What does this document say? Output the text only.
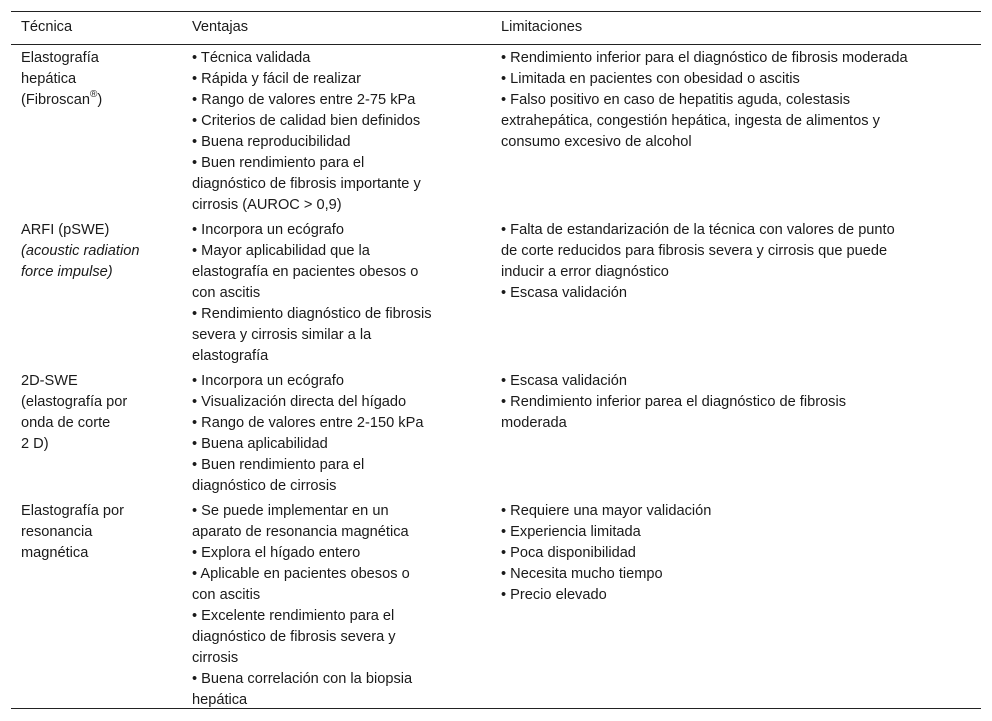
Técnica	Ventajas	Limitaciones
Elastografía
hepática
(Fibroscan®)
• Técnica validada
• Rápida y fácil de realizar
• Rango de valores entre 2-75 kPa
• Criterios de calidad bien definidos
• Buena reproducibilidad
• Buen rendimiento para el
diagnóstico de fibrosis importante y
cirrosis (AUROC > 0,9)
• Rendimiento inferior para el diagnóstico de fibrosis moderada
• Limitada en pacientes con obesidad o ascitis
• Falso positivo en caso de hepatitis aguda, colestasis
extrahepática, congestión hepática, ingesta de alimentos y
consumo excesivo de alcohol
ARFI (pSWE)
(acoustic radiation
force impulse)
• Incorpora un ecógrafo
• Mayor aplicabilidad que la
elastografía en pacientes obesos o
con ascitis
• Rendimiento diagnóstico de fibrosis
severa y cirrosis similar a la
elastografía
• Falta de estandarización de la técnica con valores de punto
de corte reducidos para fibrosis severa y cirrosis que puede
inducir a error diagnóstico
• Escasa validación
2D-SWE
(elastografía por
onda de corte
2 D)
• Incorpora un ecógrafo
• Visualización directa del hígado
• Rango de valores entre 2-150 kPa
• Buena aplicabilidad
• Buen rendimiento para el
diagnóstico de cirrosis
• Escasa validación
• Rendimiento inferior parea el diagnóstico de fibrosis
moderada
Elastografía por
resonancia
magnética
• Se puede implementar en un
aparato de resonancia magnética
• Explora el hígado entero
• Aplicable en pacientes obesos o
con ascitis
• Excelente rendimiento para el
diagnóstico de fibrosis severa y
cirrosis
• Buena correlación con la biopsia
hepática
• Requiere una mayor validación
• Experiencia limitada
• Poca disponibilidad
• Necesita mucho tiempo
• Precio elevado
